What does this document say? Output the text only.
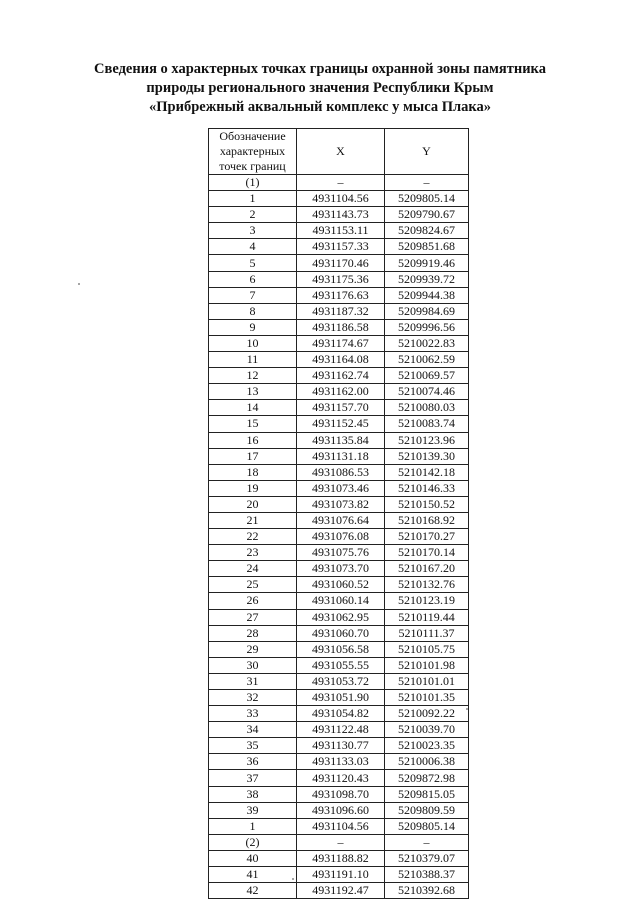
Сведения о характерных точках границы охранной зоны памятника
природы регионального значения Республики Крым
«Прибрежный аквальный комплекс у мыса Плака»
Обозначение
характерных
точек границ	X	Y
(1)	–	–
1	4931104.56	5209805.14
2	4931143.73	5209790.67
3	4931153.11	5209824.67
4	4931157.33	5209851.68
5	4931170.46	5209919.46
6	4931175.36	5209939.72
7	4931176.63	5209944.38
8	4931187.32	5209984.69
9	4931186.58	5209996.56
10	4931174.67	5210022.83
11	4931164.08	5210062.59
12	4931162.74	5210069.57
13	4931162.00	5210074.46
14	4931157.70	5210080.03
15	4931152.45	5210083.74
16	4931135.84	5210123.96
17	4931131.18	5210139.30
18	4931086.53	5210142.18
19	4931073.46	5210146.33
20	4931073.82	5210150.52
21	4931076.64	5210168.92
22	4931076.08	5210170.27
23	4931075.76	5210170.14
24	4931073.70	5210167.20
25	4931060.52	5210132.76
26	4931060.14	5210123.19
27	4931062.95	5210119.44
28	4931060.70	5210111.37
29	4931056.58	5210105.75
30	4931055.55	5210101.98
31	4931053.72	5210101.01
32	4931051.90	5210101.35
33	4931054.82	5210092.22
34	4931122.48	5210039.70
35	4931130.77	5210023.35
36	4931133.03	5210006.38
37	4931120.43	5209872.98
38	4931098.70	5209815.05
39	4931096.60	5209809.59
1	4931104.56	5209805.14
(2)	–	–
40	4931188.82	5210379.07
41	4931191.10	5210388.37
42	4931192.47	5210392.68
